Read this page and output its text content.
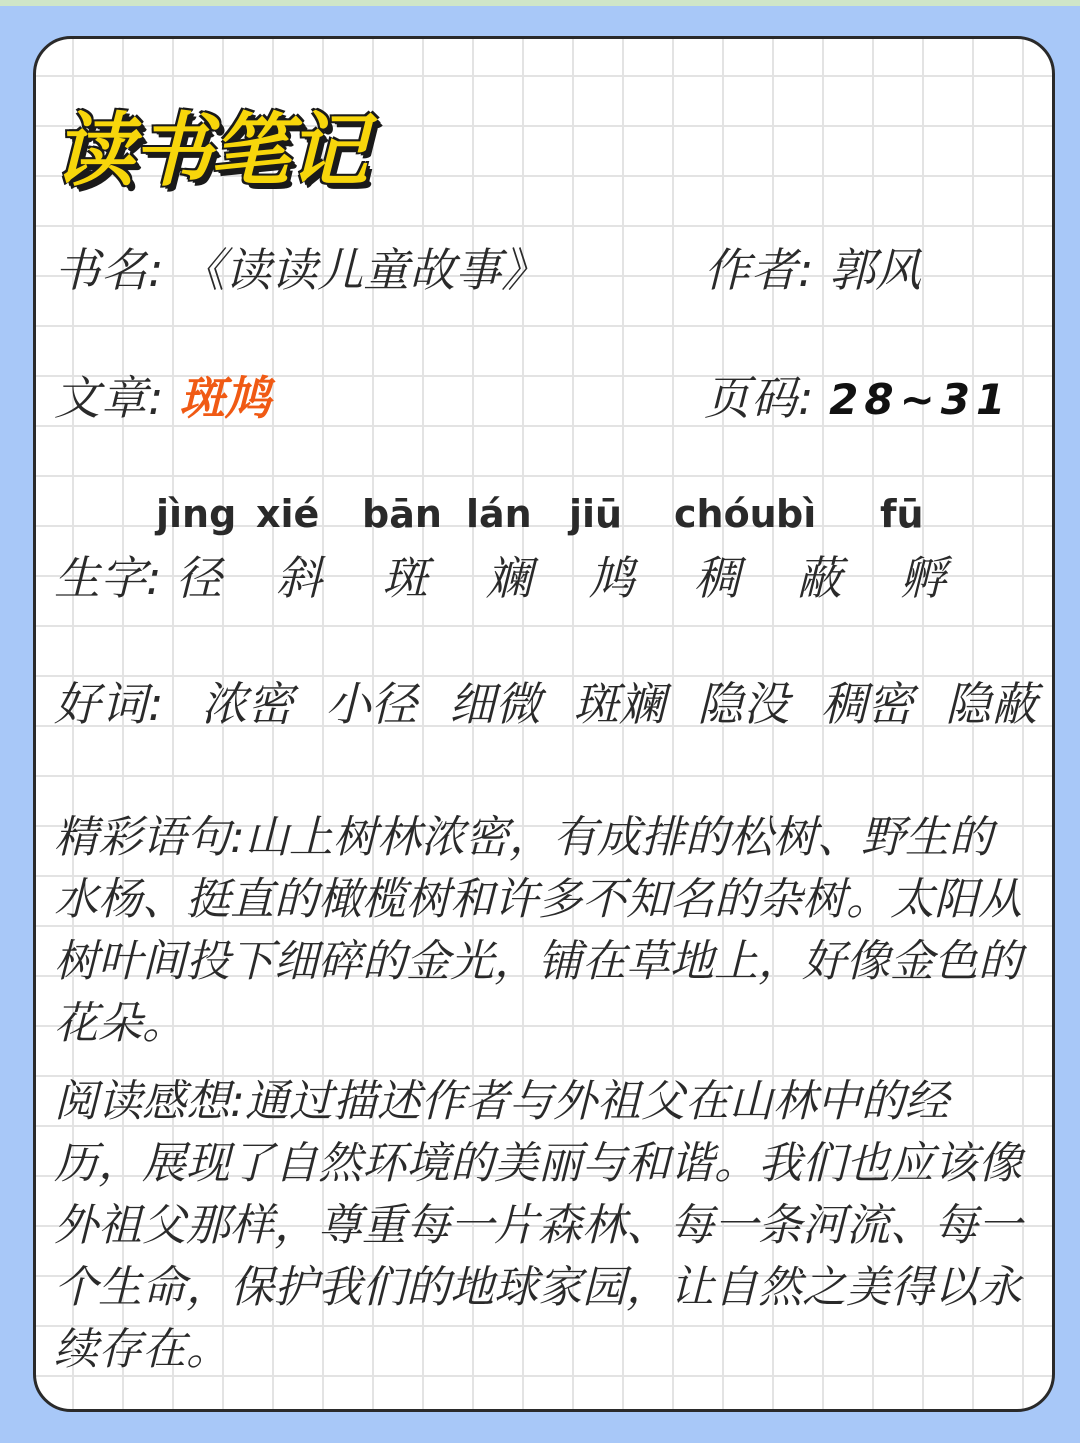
读书笔记
书名: 《读读儿童故事》	作者: 郭风
文章: 斑鸠	页码: 28~31
生字:
jìng
径
xié
斜
bān
斑
lán
斓
jiū
鸠
chóu
稠
bì
蔽
fū
孵
好词: 浓密 小径 细微 斑斓 隐没 稠密 隐蔽

精彩语句:山上树林浓密，有成排的松树、野生的水杨、挺直的橄榄树和许多不知名的杂树。太阳从树叶间投下细碎的金光，铺在草地上，好像金色的花朵。

阅读感想:通过描述作者与外祖父在山林中的经历，展现了自然环境的美丽与和谐。我们也应该像外祖父那样，尊重每一片森林、每一条河流、每一个生命，保护我们的地球家园，让自然之美得以永续存在。
